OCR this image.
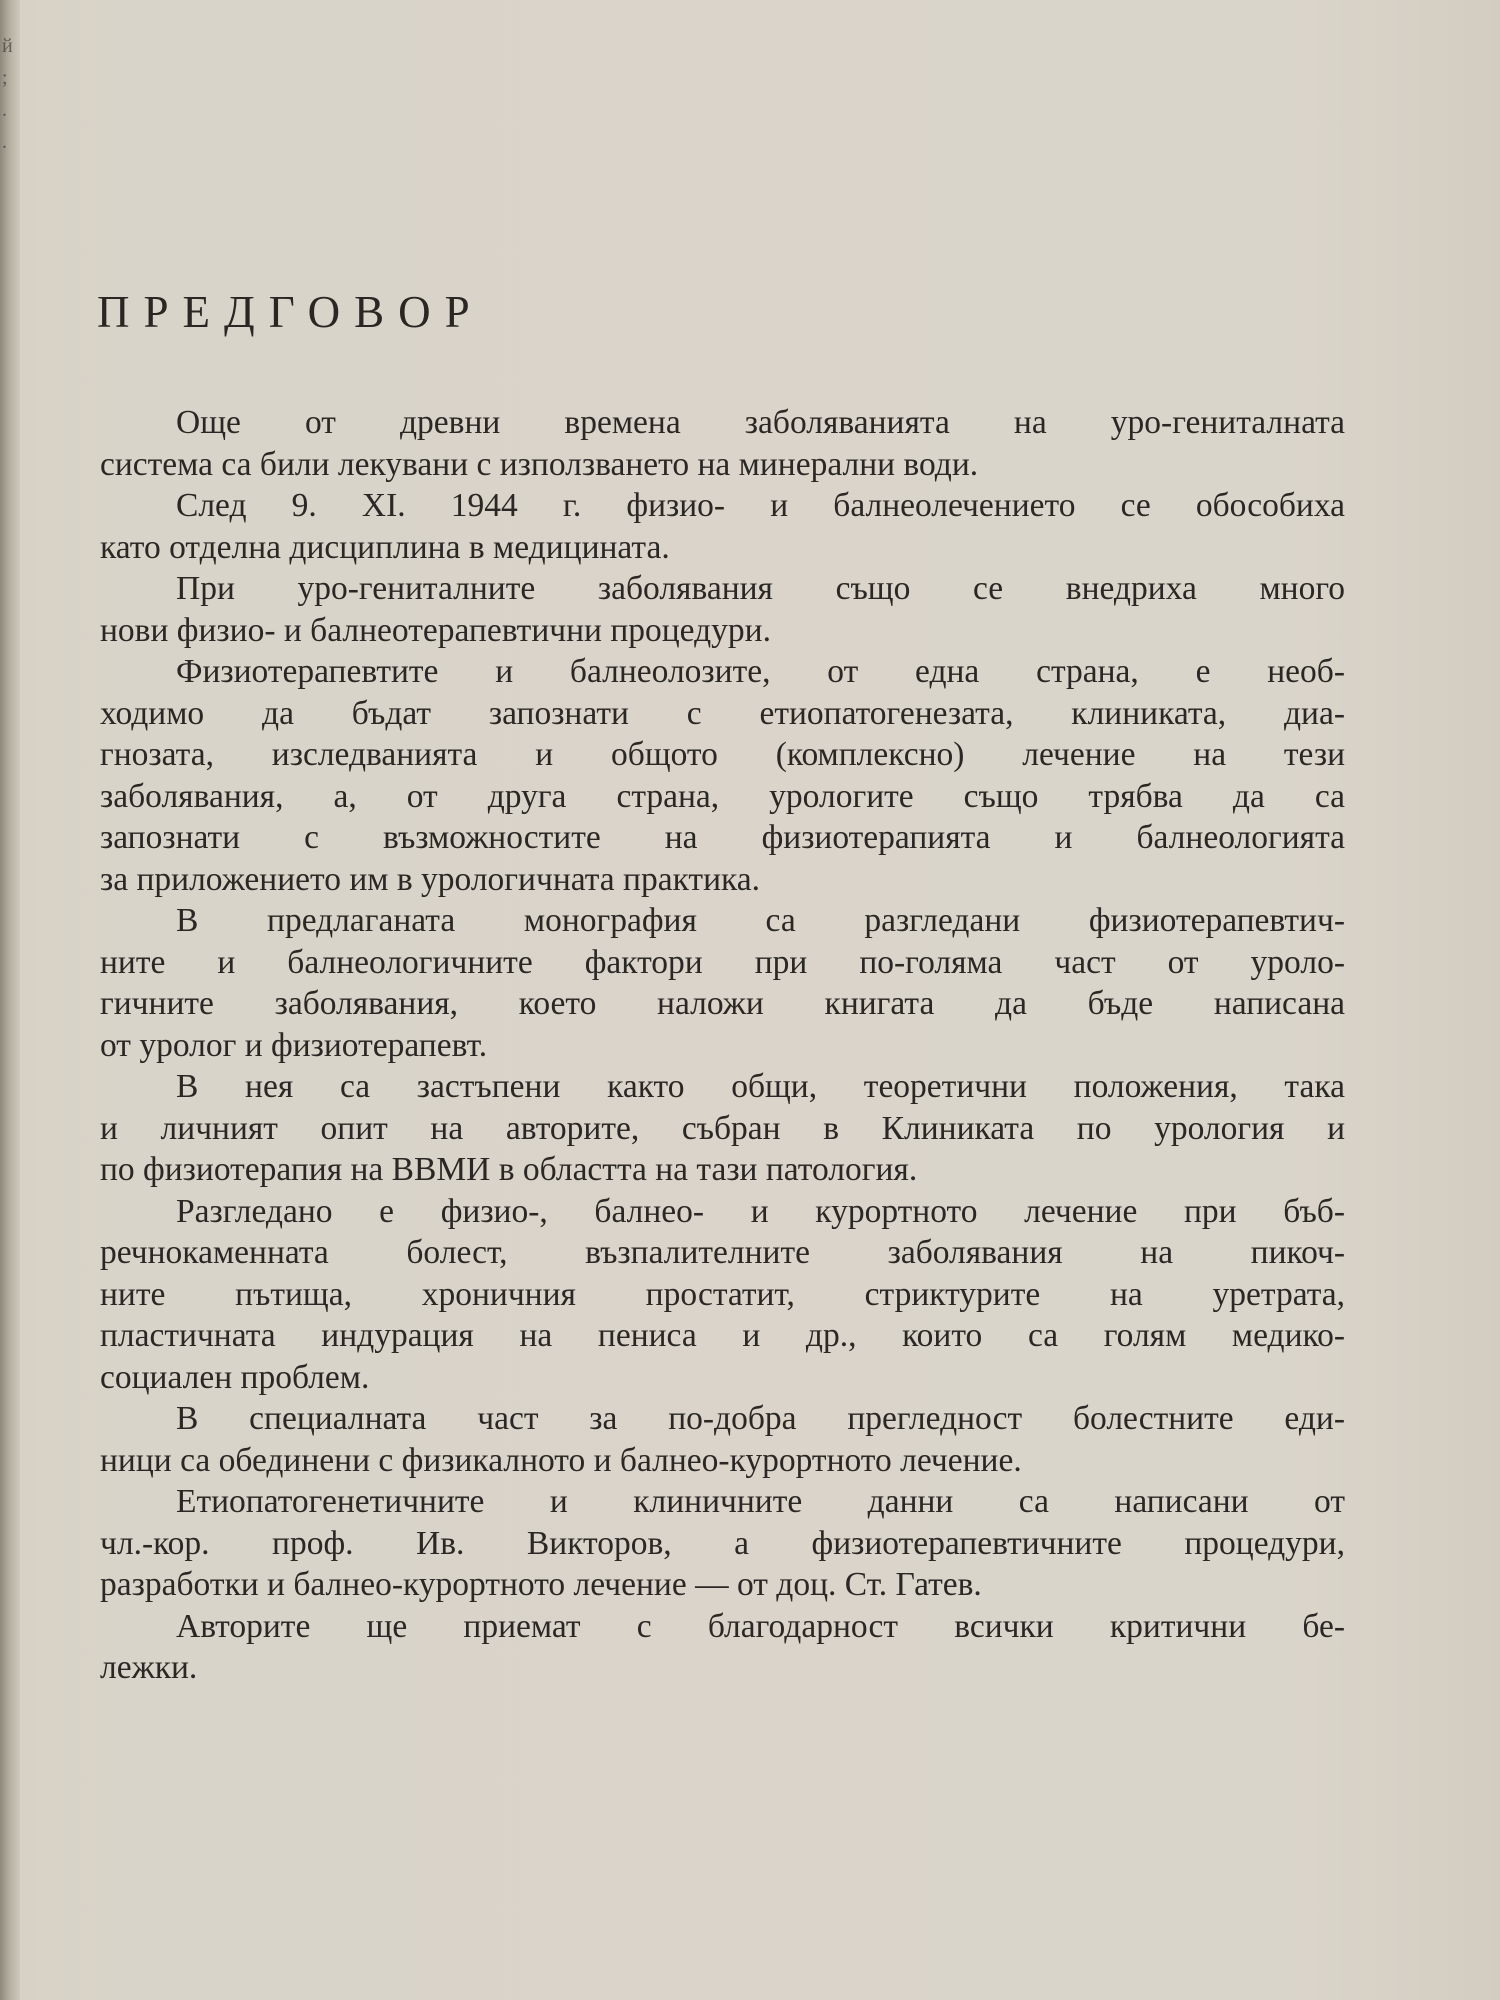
й
;
.
.
ПРЕДГОВОР
Още от древни времена заболяванията на уро-гениталната
система са били лекувани с използването на минерални води.
След 9. XI. 1944 г. физио- и балнеолечението се обособиха
като отделна дисциплина в медицината.
При уро-гениталните заболявания също се внедриха много
нови физио- и балнеотерапевтични процедури.
Физиотерапевтите и балнеолозите, от една страна, е необ-
ходимо да бъдат запознати с етиопатогенезата, клиниката, диа-
гнозата, изследванията и общото (комплексно) лечение на тези
заболявания, а, от друга страна, урологите също трябва да са
запознати с възможностите на физиотерапията и балнеологията
за приложението им в урологичната практика.
В предлаганата монография са разгледани физиотерапевтич-
ните и балнеологичните фактори при по-голяма част от уроло-
гичните заболявания, което наложи книгата да бъде написана
от уролог и физиотерапевт.
В нея са застъпени както общи, теоретични положения, така
и личният опит на авторите, събран в Клиниката по урология и
по физиотерапия на ВВМИ в областта на тази патология.
Разгледано е физио-, балнео- и курортното лечение при бъб-
речнокаменната болест, възпалителните заболявания на пикоч-
ните пътища, хроничния простатит, стриктурите на уретрата,
пластичната индурация на пениса и др., които са голям медико-
социален проблем.
В специалната част за по-добра прегледност болестните еди-
ници са обединени с физикалното и балнео-курортното лечение.
Етиопатогенетичните и клиничните данни са написани от
чл.-кор. проф. Ив. Викторов, а физиотерапевтичните процедури,
разработки и балнео-курортното лечение — от доц. Ст. Гатев.
Авторите ще приемат с благодарност всички критични бе-
лежки.
